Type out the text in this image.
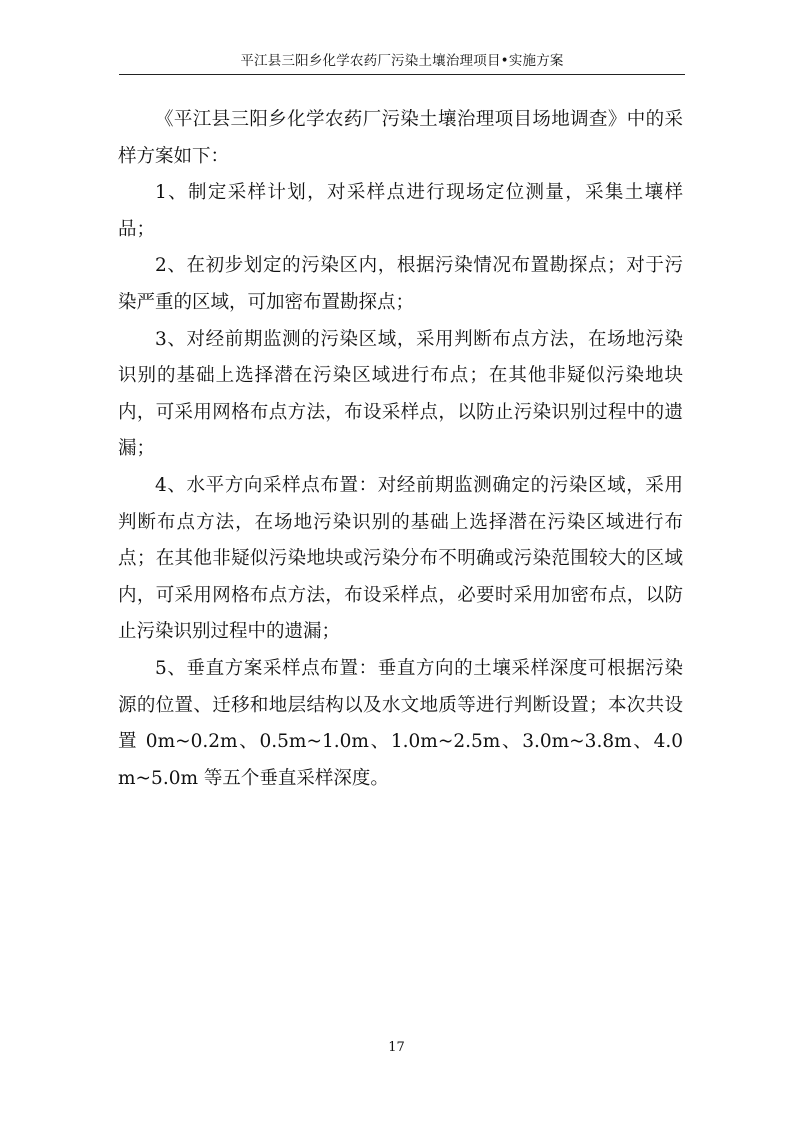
平江县三阳乡化学农药厂污染土壤治理项目•实施方案

《平江县三阳乡化学农药厂污染土壤治理项目场地调查》中的采样方案如下：

1、制定采样计划，对采样点进行现场定位测量，采集土壤样品；

2、在初步划定的污染区内，根据污染情况布置勘探点；对于污染严重的区域，可加密布置勘探点；

3、对经前期监测的污染区域，采用判断布点方法，在场地污染识别的基础上选择潜在污染区域进行布点；在其他非疑似污染地块内，可采用网格布点方法，布设采样点，以防止污染识别过程中的遗漏；

4、水平方向采样点布置：对经前期监测确定的污染区域，采用判断布点方法，在场地污染识别的基础上选择潜在污染区域进行布点；在其他非疑似污染地块或污染分布不明确或污染范围较大的区域内，可采用网格布点方法，布设采样点，必要时采用加密布点，以防止污染识别过程中的遗漏；

5、垂直方案采样点布置：垂直方向的土壤采样深度可根据污染源的位置、迁移和地层结构以及水文地质等进行判断设置；本次共设置 0m~0.2m、0.5m~1.0m、1.0m~2.5m、3.0m~3.8m、4.0m~5.0m 等五个垂直采样深度。

17
